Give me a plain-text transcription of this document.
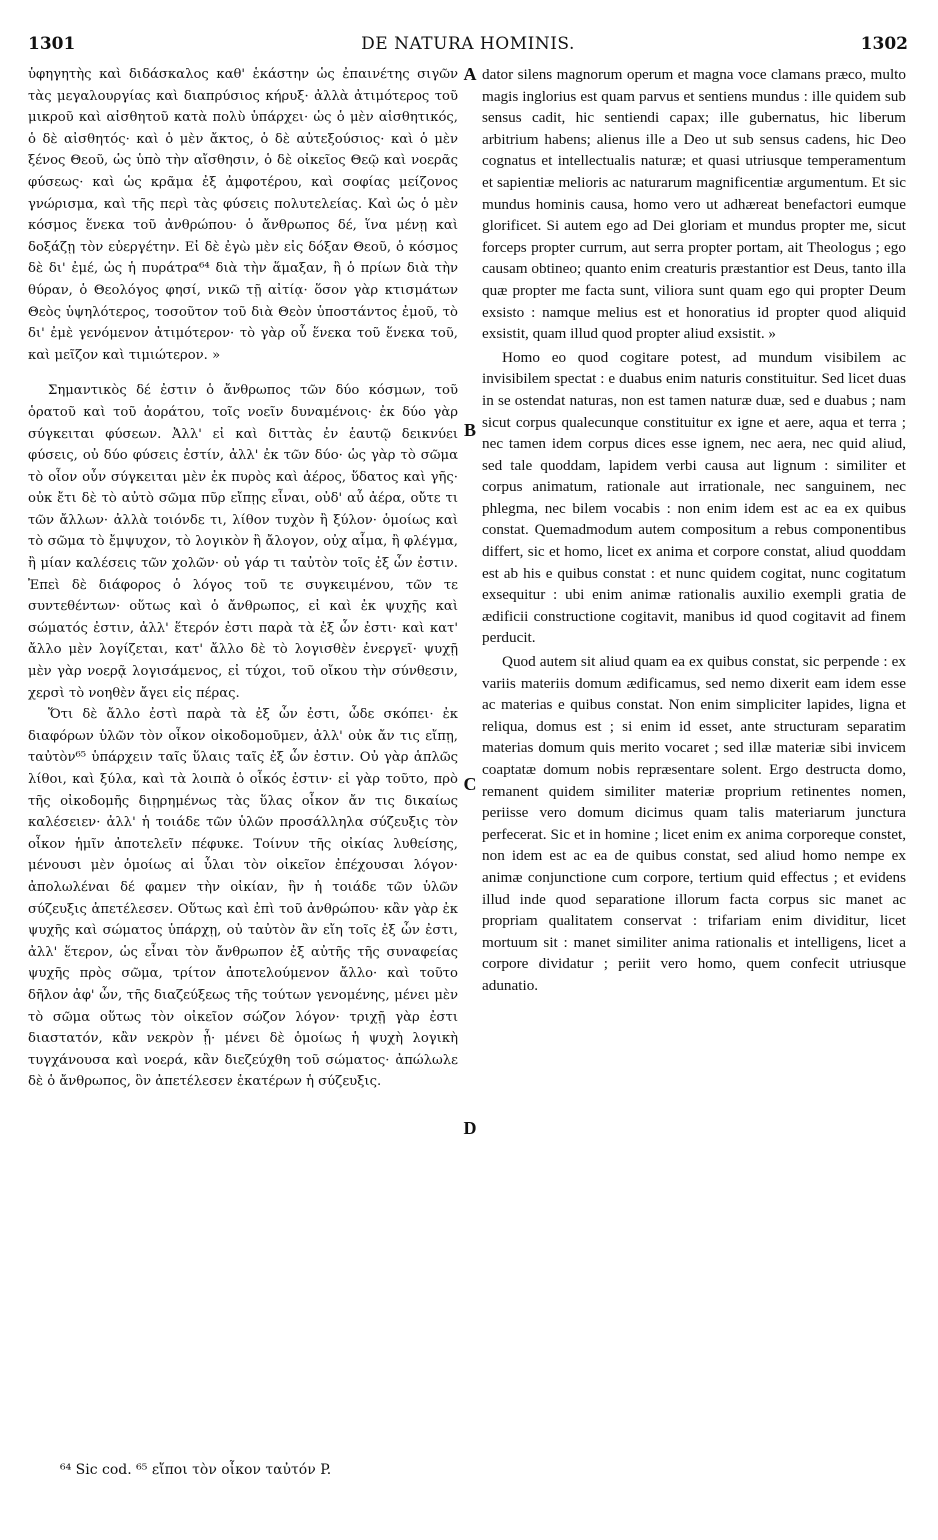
1301	DE NATURA HOMINIS.	1302

ὑφηγητὴς καὶ διδάσκαλος καθ' ἑκάστην ὡς ἐπαινέτης σιγῶν τὰς μεγαλουργίας καὶ διαπρύσιος κήρυξ· ἀλλὰ ἀτιμότερος τοῦ μικροῦ καὶ αἰσθητοῦ κατὰ πολὺ ὑπάρχει· ὡς ὁ μὲν αἰσθητικός, ὁ δὲ αἰσθητός· καὶ ὁ μὲν ἄκτος, ὁ δὲ αὐτεξούσιος· καὶ ὁ μὲν ξένος Θεοῦ, ὡς ὑπὸ τὴν αἴσθησιν, ὁ δὲ οἰκεῖος Θεῷ καὶ νοερᾶς φύσεως· καὶ ὡς κρᾶμα ἐξ ἀμφοτέρου, καὶ σοφίας μείζονος γνώρισμα, καὶ τῆς περὶ τὰς φύσεις πολυτελείας. Καὶ ὡς ὁ μὲν κόσμος ἕνεκα τοῦ ἀνθρώπου· ὁ ἄνθρωπος δέ, ἵνα μένῃ καὶ δοξάζῃ τὸν εὐεργέτην. Εἰ δὲ ἐγὼ μὲν εἰς δόξαν Θεοῦ, ὁ κόσμος δὲ δι' ἐμέ, ὡς ἡ πυράτρα⁶⁴ διὰ τὴν ἅμαξαν, ἢ ὁ πρίων διὰ τὴν θύραν, ὁ Θεολόγος φησί, νικῶ τῇ αἰτίᾳ· ὅσον γὰρ κτισμάτων Θεὸς ὑψηλότερος, τοσοῦτον τοῦ διὰ Θεὸν ὑποστάντος ἐμοῦ, τὸ δι' ἐμὲ γενόμενον ἀτιμότερον· τὸ γὰρ οὗ ἕνεκα τοῦ ἕνεκα τοῦ, καὶ μεῖζον καὶ τιμιώτερον. »

Σημαντικὸς δέ ἐστιν ὁ ἄνθρωπος τῶν δύο κόσμων, τοῦ ὁρατοῦ καὶ τοῦ ἀοράτου, τοῖς νοεῖν δυναμένοις· ἐκ δύο γὰρ σύγκειται φύσεων. Ἀλλ' εἰ καὶ διττὰς ἐν ἑαυτῷ δεικνύει φύσεις, οὐ δύο φύσεις ἐστίν, ἀλλ' ἐκ τῶν δύο· ὡς γὰρ τὸ σῶμα τὸ οἷον οὖν σύγκειται μὲν ἐκ πυρὸς καὶ ἀέρος, ὕδατος καὶ γῆς· οὐκ ἔτι δὲ τὸ αὐτὸ σῶμα πῦρ εἴπῃς εἶναι, οὐδ' αὖ ἀέρα, οὔτε τι τῶν ἄλλων· ἀλλὰ τοιόνδε τι, λίθον τυχὸν ἢ ξύλον· ὁμοίως καὶ τὸ σῶμα τὸ ἔμψυχον, τὸ λογικὸν ἢ ἄλογον, οὐχ αἷμα, ἢ φλέγμα, ἢ μίαν καλέσεις τῶν χολῶν· οὐ γάρ τι ταὐτὸν τοῖς ἐξ ὧν ἐστιν. Ἐπεὶ δὲ διάφορος ὁ λόγος τοῦ τε συγκειμένου, τῶν τε συντεθέντων· οὕτως καὶ ὁ ἄνθρωπος, εἰ καὶ ἐκ ψυχῆς καὶ σώματός ἐστιν, ἀλλ' ἕτερόν ἐστι παρὰ τὰ ἐξ ὧν ἐστι· καὶ κατ' ἄλλο μὲν λογίζεται, κατ' ἄλλο δὲ τὸ λογισθὲν ἐνεργεῖ· ψυχῇ μὲν γὰρ νοερᾷ λογισάμενος, εἰ τύχοι, τοῦ οἴκου τὴν σύνθεσιν, χερσὶ τὸ νοηθὲν ἄγει εἰς πέρας.

Ὅτι δὲ ἄλλο ἐστὶ παρὰ τὰ ἐξ ὧν ἐστι, ὧδε σκόπει· ἐκ διαφόρων ὑλῶν τὸν οἶκον οἰκοδομοῦμεν, ἀλλ' οὐκ ἄν τις εἴπῃ, ταὐτὸν⁶⁵ ὑπάρχειν ταῖς ὕλαις ταῖς ἐξ ὧν ἐστιν. Οὐ γὰρ ἁπλῶς λίθοι, καὶ ξύλα, καὶ τὰ λοιπὰ ὁ οἶκός ἐστιν· εἰ γὰρ τοῦτο, πρὸ τῆς οἰκοδομῆς διῃρημένως τὰς ὕλας οἶκον ἄν τις δικαίως καλέσειεν· ἀλλ' ἡ τοιάδε τῶν ὑλῶν προσάλληλα σύζευξις τὸν οἶκον ἡμῖν ἀποτελεῖν πέφυκε. Τοίνυν τῆς οἰκίας λυθείσης, μένουσι μὲν ὁμοίως αἱ ὗλαι τὸν οἰκεῖον ἐπέχουσαι λόγον· ἀπολωλέναι δέ φαμεν τὴν οἰκίαν, ἣν ἡ τοιάδε τῶν ὑλῶν σύζευξις ἀπετέλεσεν. Οὕτως καὶ ἐπὶ τοῦ ἀνθρώπου· κἂν γὰρ ἐκ ψυχῆς καὶ σώματος ὑπάρχῃ, οὐ ταὐτὸν ἂν εἴη τοῖς ἐξ ὧν ἐστι, ἀλλ' ἕτερον, ὡς εἶναι τὸν ἄνθρωπον ἐξ αὐτῆς τῆς συναφείας ψυχῆς πρὸς σῶμα, τρίτον ἀποτελούμενον ἄλλο· καὶ τοῦτο δῆλον ἀφ' ὧν, τῆς διαζεύξεως τῆς τούτων γενομένης, μένει μὲν τὸ σῶμα οὕτως τὸν οἰκεῖον σώζον λόγον· τριχῇ γὰρ ἐστι διαστατόν, κἂν νεκρὸν ᾖ· μένει δὲ ὁμοίως ἡ ψυχὴ λογικὴ τυγχάνουσα καὶ νοερά, κἂν διεζεύχθη τοῦ σώματος· ἀπώλωλε δὲ ὁ ἄνθρωπος, ὃν ἀπετέλεσεν ἑκατέρων ἡ σύζευξις.

A
B
C
D

dator silens magnorum operum et magna voce clamans præco, multo magis inglorius est quam parvus et sentiens mundus : ille quidem sub sensus cadit, hic sentiendi capax; ille gubernatus, hic liberum arbitrium habens; alienus ille a Deo ut sub sensus cadens, hic Deo cognatus et intellectualis naturæ; et quasi utriusque temperamentum et sapientiæ melioris ac naturarum magnificentiæ argumentum. Et sic mundus hominis causa, homo vero ut adhæreat benefactori eumque glorificet. Si autem ego ad Dei gloriam et mundus propter me, sicut forceps propter currum, aut serra propter portam, ait Theologus ; ego causam obtineo; quanto enim creaturis præstantior est Deus, tanto illa quæ propter me facta sunt, viliora sunt quam ego qui propter Deum exsisto : namque melius est et honoratius id propter quod aliquid exsistit, quam illud quod propter aliud exsistit. »

Homo eo quod cogitare potest, ad mundum visibilem ac invisibilem spectat : e duabus enim naturis constituitur. Sed licet duas in se ostendat naturas, non est tamen naturæ duæ, sed e duabus ; nam sicut corpus qualecunque constituitur ex igne et aere, aqua et terra ; nec tamen idem corpus dices esse ignem, nec aera, nec quid aliud, sed tale quoddam, lapidem verbi causa aut lignum : similiter et corpus animatum, rationale aut irrationale, nec sanguinem, nec phlegma, nec bilem vocabis : non enim idem est ac ea ex quibus constat. Quemadmodum autem compositum a rebus componentibus differt, sic et homo, licet ex anima et corpore constat, aliud quoddam est ab his e quibus constat : et nunc quidem cogitat, nunc cogitatum exsequitur : ubi enim animæ rationalis auxilio exempli gratia de ædificii constructione cogitavit, manibus id quod cogitavit ad finem perducit.

Quod autem sit aliud quam ea ex quibus constat, sic perpende : ex variis materiis domum ædificamus, sed nemo dixerit eam idem esse ac materias e quibus constat. Non enim simpliciter lapides, ligna et reliqua, domus est ; si enim id esset, ante structuram separatim materias domum quis merito vocaret ; sed illæ materiæ sibi invicem coaptatæ domum nobis repræsentare solent. Ergo destructa domo, remanent quidem similiter materiæ proprium retinentes nomen, periisse vero domum dicimus quam talis materiarum junctura perfecerat. Sic et in homine ; licet enim ex anima corporeque constet, non idem est ac ea de quibus constat, sed aliud homo nempe ex animæ conjunctione cum corpore, tertium quid effectus ; et evidens illud inde quod separatione illorum facta corpus sic manet ac propriam qualitatem conservat : trifariam enim dividitur, licet mortuum sit : manet similiter anima rationalis et intelligens, licet a corpore dividatur ; periit vero homo, quem confecit utriusque adunatio.

⁶⁴ Sic cod. ⁶⁵ εἴποι τὸν οἶκον ταὐτόν P.
